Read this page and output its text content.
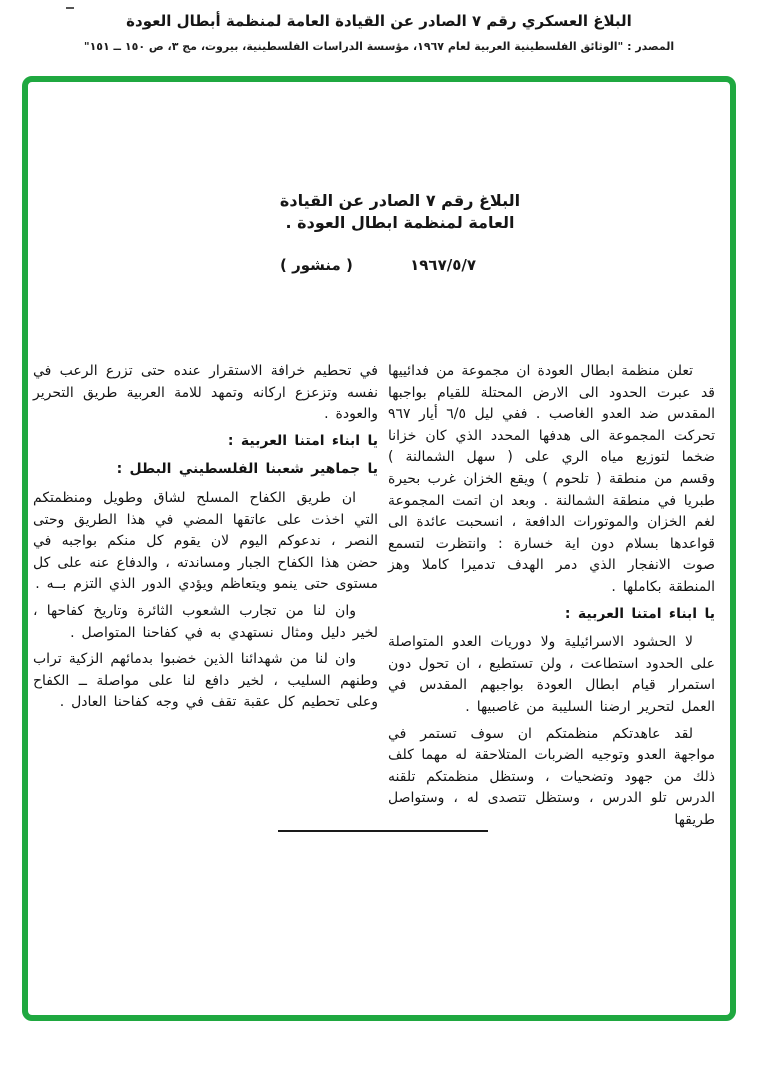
البلاغ العسكري رقم ٧ الصادر عن القيادة العامة لمنظمة أبطال العودة
المصدر : "الوثائق الفلسطينية العربية لعام ١٩٦٧، مؤسسة الدراسات الفلسطينية، بيروت، مج ٣، ص ١٥٠ ــ ١٥١"
البلاغ رقم ٧ الصادر عن القيادة
العامة لمنظمة ابطال العودة .
١٩٦٧/٥/٧
( منشور )
تعلن منظمة ابطال العودة ان مجموعة من فدائييها قد عبرت الحدود الى الارض المحتلة للقيام بواجبها المقدس ضد العدو الغاصب . ففي ليل ٦/٥ أيار ٩٦٧ تحركت المجموعة الى هدفها المحدد الذي كان خزانا ضخما لتوزيع مياه الري على ( سهل الشمالنة ) وقسم من منطقة ( تلحوم ) ويقع الخزان غرب بحيرة طبريا في منطقة الشمالنة . وبعد ان اتمت المجموعة لغم الخزان والموتورات الدافعة ، انسحبت عائدة الى قواعدها بسلام دون اية خسارة : وانتظرت لتسمع صوت الانفجار الذي دمر الهدف تدميرا كاملا وهز المنطقة بكاملها .
يا ابناء امتنا العربية :
لا الحشود الاسرائيلية ولا دوريات العدو المتواصلة على الحدود استطاعت ، ولن تستطيع ، ان تحول دون استمرار قيام ابطال العودة بواجبهم المقدس في العمل لتحرير ارضنا السليبة من غاصبيها .
لقد عاهدتكم منظمتكم ان سوف تستمر في مواجهة العدو وتوجيه الضربات المتلاحقة له مهما كلف ذلك من جهود وتضحيات ، وستظل منظمتكم تلقنه الدرس تلو الدرس ، وستظل تتصدى له ، وستواصل طريقها
في تحطيم خرافة الاستقرار عنده حتى تزرع الرعب في نفسه وتزعزع اركانه وتمهد للامة العربية طريق التحرير والعودة .
يا ابناء امتنا العربية :
يا جماهير شعبنا الفلسطيني البطل :
ان طريق الكفاح المسلح لشاق وطويل ومنظمتكم التي اخذت على عاتقها المضي في هذا الطريق وحتى النصر ، ندعوكم اليوم لان يقوم كل منكم بواجبه في حضن هذا الكفاح الجبار ومساندته ، والدفاع عنه على كل مستوى حتى ينمو ويتعاظم ويؤدي الدور الذي التزم بــه .
وان لنا من تجارب الشعوب الثائرة وتاريخ كفاحها ، لخير دليل ومثال نستهدي به في كفاحنا المتواصل .
وان لنا من شهدائنا الذين خضبوا بدمائهم الزكية تراب وطنهم السليب ، لخير دافع لنا على مواصلة ــ الكفاح وعلى تحطيم كل عقبة تقف في وجه كفاحنا العادل .
